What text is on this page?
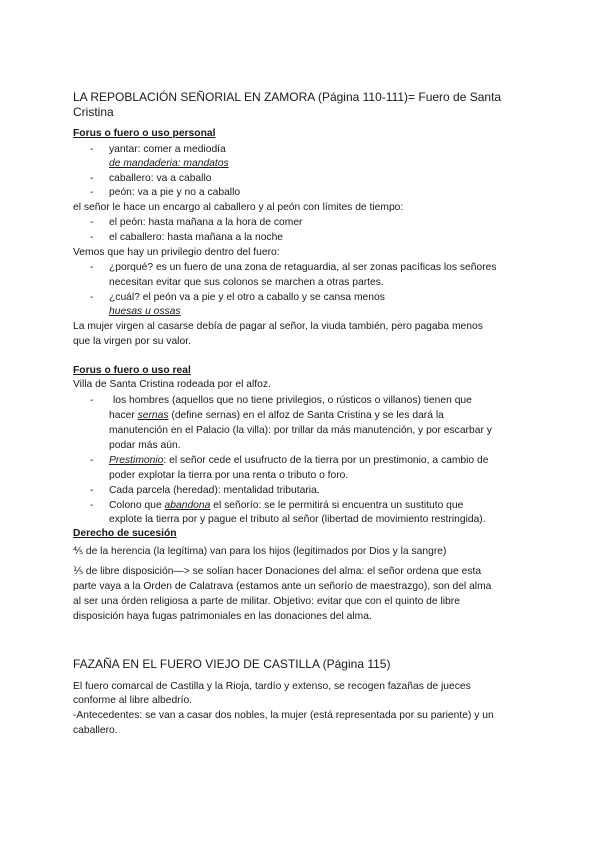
LA REPOBLACIÓN SEÑORIAL EN ZAMORA (Página 110-111)= Fuero de Santa Cristina
Forus o fuero o uso personal
- yantar: comer a mediodía
de mandaderia: mandatos
- caballero: va a caballo
- peón: va a pie y no a caballo
el señor le hace un encargo al caballero y al peón con límites de tiempo:
- el peón: hasta mañana a la hora de comer
- el caballero: hasta mañana a la noche
Vemos que hay un privilegio dentro del fuero:
- ¿porqué? es un fuero de una zona de retaguardia, al ser zonas pacíficas los señores
necesitan evitar que sus colonos se marchen a otras partes.
- ¿cuál? el peón va a pie y el otro a caballo y se cansa menos
huesas u ossas
La mujer virgen al casarse debía de pagar al señor, la viuda también, pero pagaba menos
que la virgen por su valor.
Forus o fuero o uso real
Villa de Santa Cristina rodeada por el alfoz.
- los hombres (aquellos que no tiene privilegios, o rústicos o villanos) tienen que
hacer sernas (define sernas) en el alfoz de Santa Cristina y se les dará la
manutención en el Palacio (la villa): por trillar da más manutención, y por escarbar y
podar más aún.
- Prestimonio: el señor cede el usufructo de la tierra por un prestimonio, a cambio de
poder explotar la tierra por una renta o tributo o foro.
- Cada parcela (heredad): mentalidad tributaria.
- Colono que abandona el señorío: se le permitirá si encuentra un sustituto que
explote la tierra por y pague el tributo al señor (libertad de movimiento restringida).
Derecho de sucesión
⅘ de la herencia (la legítima) van para los hijos (legitimados por Dios y la sangre)
⅕ de libre disposición—> se solían hacer Donaciones del alma: el señor ordena que esta
parte vaya a la Orden de Calatrava (estamos ante un señorío de maestrazgo), son del alma
al ser una órden religiosa a parte de militar. Objetivo: evitar que con el quinto de libre
disposición haya fugas patrimoniales en las donaciones del alma.
FAZAÑA EN EL FUERO VIEJO DE CASTILLA (Página 115)
El fuero comarcal de Castilla y la Rioja, tardío y extenso, se recogen fazañas de jueces
conforme al libre albedrío.
-Antecedentes: se van a casar dos nobles, la mujer (está representada por su pariente) y un
caballero.
